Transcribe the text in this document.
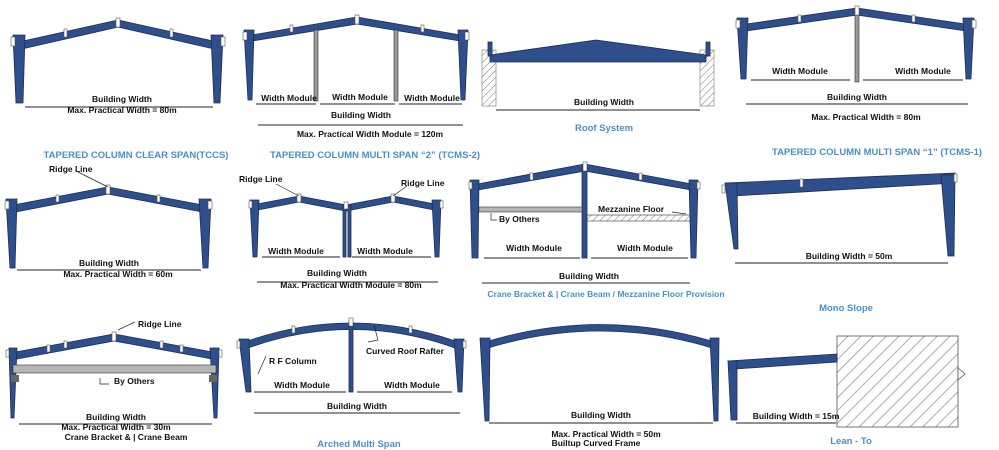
Building Width
Max. Practical Width = 80m
TAPERED COLUMN CLEAR SPAN(TCCS)
Width Module Width Module Width Module
Building Width
Max. Practical Width Module = 120m
TAPERED COLUMN MULTI SPAN “2” (TCMS-2)
Building Width
Roof System
Width Module	Width Module
Building Width
Max. Practical Width = 80m
TAPERED COLUMN MULTI SPAN “1” (TCMS-1)
Ridge Line
Building Width
Max. Practical Width = 60m
Ridge Line	Ridge Line
Width Module	Width Module
Building Width
Max. Practical Width Module = 80m
By Others
Mezzanine Floor
Width Module	Width Module
Building Width
Crane Bracket & | Crane Beam / Mezzanine Floor Provision
Building Width = 50m
Mono Slope
Ridge Line
By Others
Building Width
Max. Practical Width = 30m
Crane Bracket & | Crane Beam
R F Column
Curved Roof Rafter
Width Module	Width Module
Building Width
Arched Multi Span
Building Width
Max. Practical Width = 50m
Builtup Curved Frame
Building Width = 15m
Lean - To
